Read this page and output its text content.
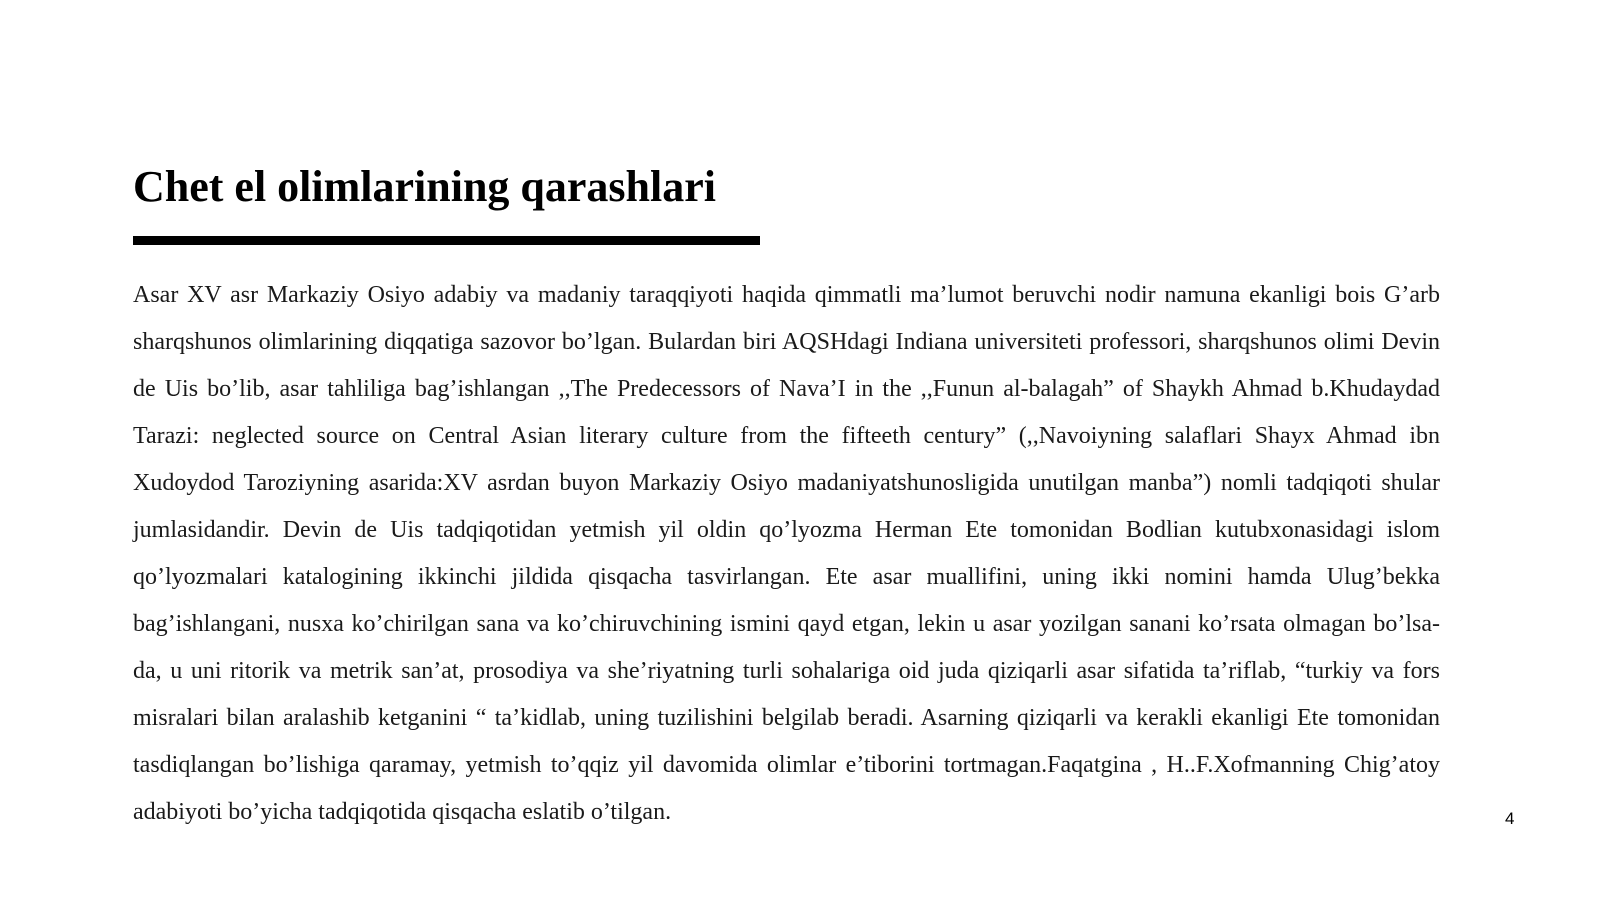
Chet el olimlarining qarashlari

Asar XV asr Markaziy Osiyo adabiy va madaniy taraqqiyoti haqida qimmatli ma’lumot beruvchi nodir namuna ekanligi bois G’arb sharqshunos olimlarining diqqatiga sazovor bo’lgan. Bulardan biri AQSHdagi Indiana universiteti professori, sharqshunos olimi Devin de Uis bo’lib, asar tahliliga bag’ishlangan ,,The Predecessors of Nava’I in the ,,Funun al-balagah” of Shaykh Ahmad b.Khudaydad Tarazi: neglected source on Central Asian literary culture from the fifteeth century” (,,Navoiyning salaflari Shayx Ahmad ibn Xudoydod Taroziyning asarida:XV asrdan buyon Markaziy Osiyo madaniyatshunosligida unutilgan manba”) nomli tadqiqoti shular jumlasidandir. Devin de Uis tadqiqotidan yetmish yil oldin qo’lyozma Herman Ete tomonidan Bodlian kutubxonasidagi islom qo’lyozmalari katalogining ikkinchi jildida qisqacha tasvirlangan. Ete asar muallifini, uning ikki nomini hamda Ulug’bekka bag’ishlangani, nusxa ko’chirilgan sana va ko’chiruvchining ismini qayd etgan, lekin u asar yozilgan sanani ko’rsata olmagan bo’lsa-da, u uni ritorik va metrik san’at, prosodiya va she’riyatning turli sohalariga oid juda qiziqarli asar sifatida ta’riflab, “turkiy va fors misralari bilan aralashib ketganini “ ta’kidlab, uning tuzilishini belgilab beradi. Asarning qiziqarli va kerakli ekanligi Ete tomonidan tasdiqlangan bo’lishiga qaramay, yetmish to’qqiz yil davomida olimlar e’tiborini tortmagan.Faqatgina , H..F.Xofmanning Chig’atoy adabiyoti bo’yicha tadqiqotida qisqacha eslatib o’tilgan.	4
